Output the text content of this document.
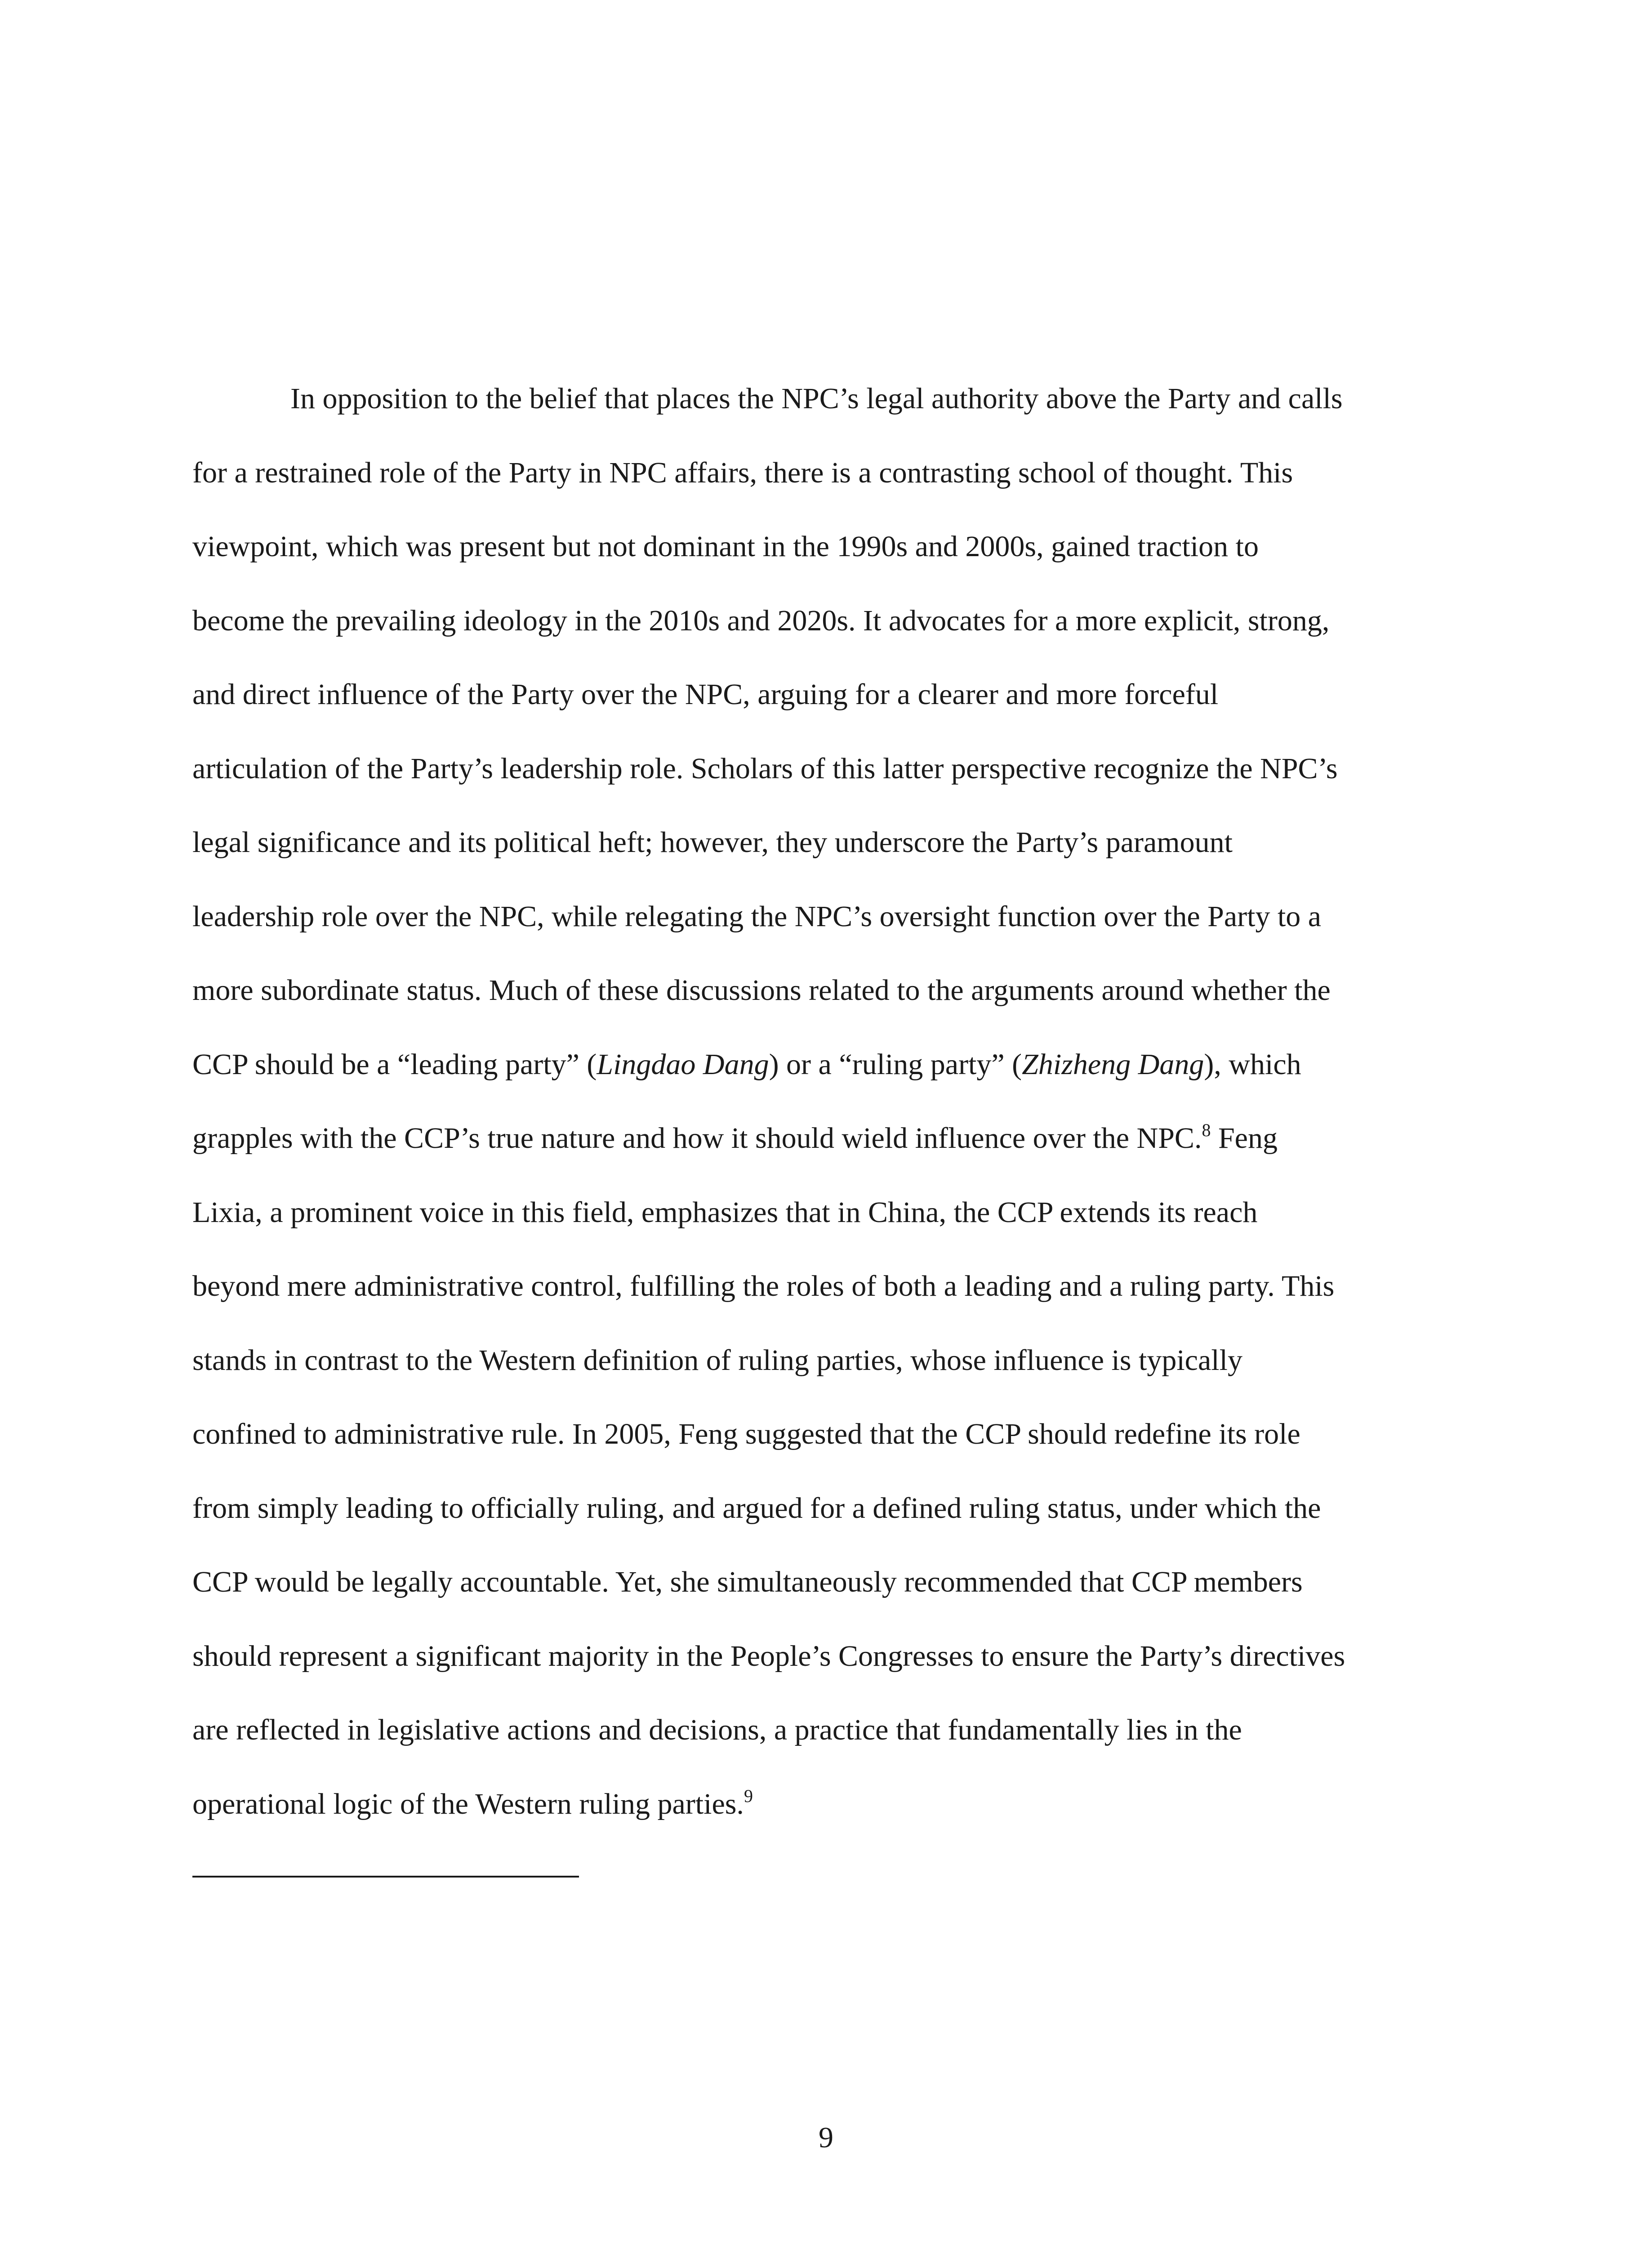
In opposition to the belief that places the NPC’s legal authority above the Party and calls
for a restrained role of the Party in NPC affairs, there is a contrasting school of thought. This
viewpoint, which was present but not dominant in the 1990s and 2000s, gained traction to
become the prevailing ideology in the 2010s and 2020s. It advocates for a more explicit, strong,
and direct influence of the Party over the NPC, arguing for a clearer and more forceful
articulation of the Party’s leadership role. Scholars of this latter perspective recognize the NPC’s
legal significance and its political heft; however, they underscore the Party’s paramount
leadership role over the NPC, while relegating the NPC’s oversight function over the Party to a
more subordinate status. Much of these discussions related to the arguments around whether the
CCP should be a “leading party” (Lingdao Dang) or a “ruling party” (Zhizheng Dang), which
grapples with the CCP’s true nature and how it should wield influence over the NPC.$^8$ Feng
Lixia, a prominent voice in this field, emphasizes that in China, the CCP extends its reach
beyond mere administrative control, fulfilling the roles of both a leading and a ruling party. This
stands in contrast to the Western definition of ruling parties, whose influence is typically
confined to administrative rule. In 2005, Feng suggested that the CCP should redefine its role
from simply leading to officially ruling, and argued for a defined ruling status, under which the
CCP would be legally accountable. Yet, she simultaneously recommended that CCP members
should represent a significant majority in the People’s Congresses to ensure the Party’s directives
are reflected in legislative actions and decisions, a practice that fundamentally lies in the
operational logic of the Western ruling parties.$^9$
9
